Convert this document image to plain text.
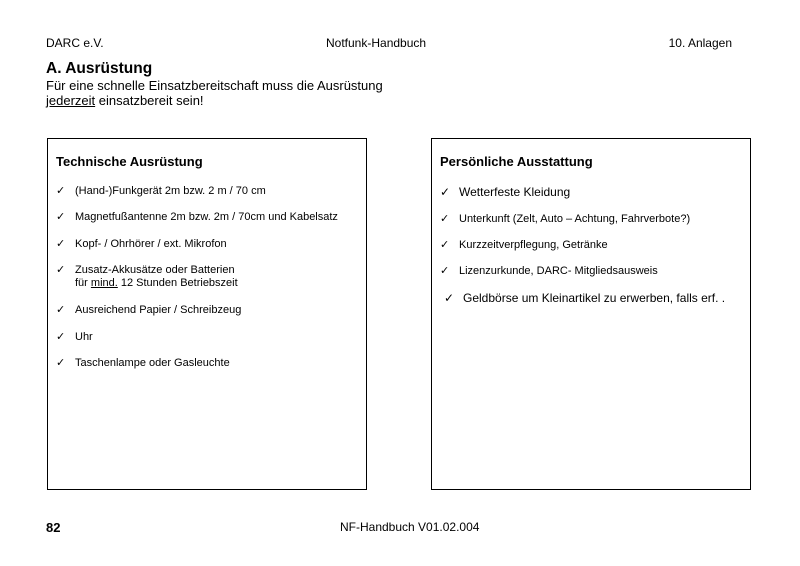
DARC e.V.	Notfunk-Handbuch	10. Anlagen
A. Ausrüstung
Für eine schnelle Einsatzbereitschaft muss die Ausrüstung
jederzeit einsatzbereit sein!
Technische Ausrüstung
✓ (Hand-)Funkgerät 2m bzw. 2 m / 70 cm
✓ Magnetfußantenne 2m bzw. 2m / 70cm und Kabelsatz
✓ Kopf- / Ohrhörer / ext. Mikrofon
✓ Zusatz-Akkusätze oder Batterien
für mind. 12 Stunden Betriebszeit
✓ Ausreichend Papier / Schreibzeug
✓ Uhr
✓ Taschenlampe oder Gasleuchte
Persönliche Ausstattung
✓ Wetterfeste Kleidung
✓ Unterkunft (Zelt, Auto – Achtung, Fahrverbote?)
✓ Kurzzeitverpflegung, Getränke
✓ Lizenzurkunde, DARC- Mitgliedsausweis
✓ Geldbörse um Kleinartikel zu erwerben, falls erf. .
82	NF-Handbuch V01.02.004
